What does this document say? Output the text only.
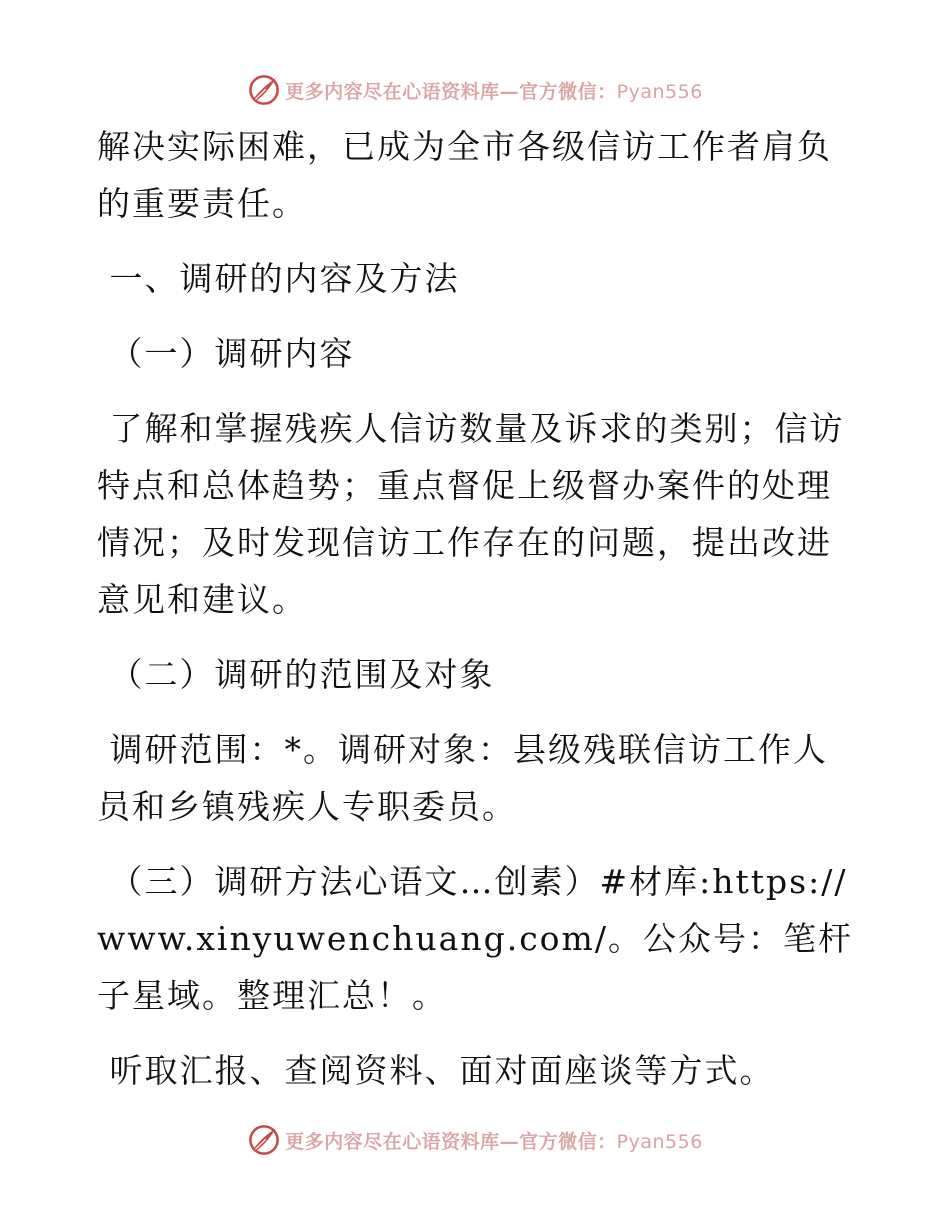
更多内容尽在心语资料库—官方微信：Pyan556

解决实际困难，已成为全市各级信访工作者肩负的重要责任。

一、调研的内容及方法

（一）调研内容

了解和掌握残疾人信访数量及诉求的类别；信访特点和总体趋势；重点督促上级督办案件的处理情况；及时发现信访工作存在的问题，提出改进意见和建议。

（二）调研的范围及对象

调研范围：*。调研对象：县级残联信访工作人员和乡镇残疾人专职委员。

（三）调研方法心语文…创素）#材库:https://www.xinyuwenchuang.com/。公众号：笔杆子星域。整理汇总！。

听取汇报、查阅资料、面对面座谈等方式。

更多内容尽在心语资料库—官方微信：Pyan556
